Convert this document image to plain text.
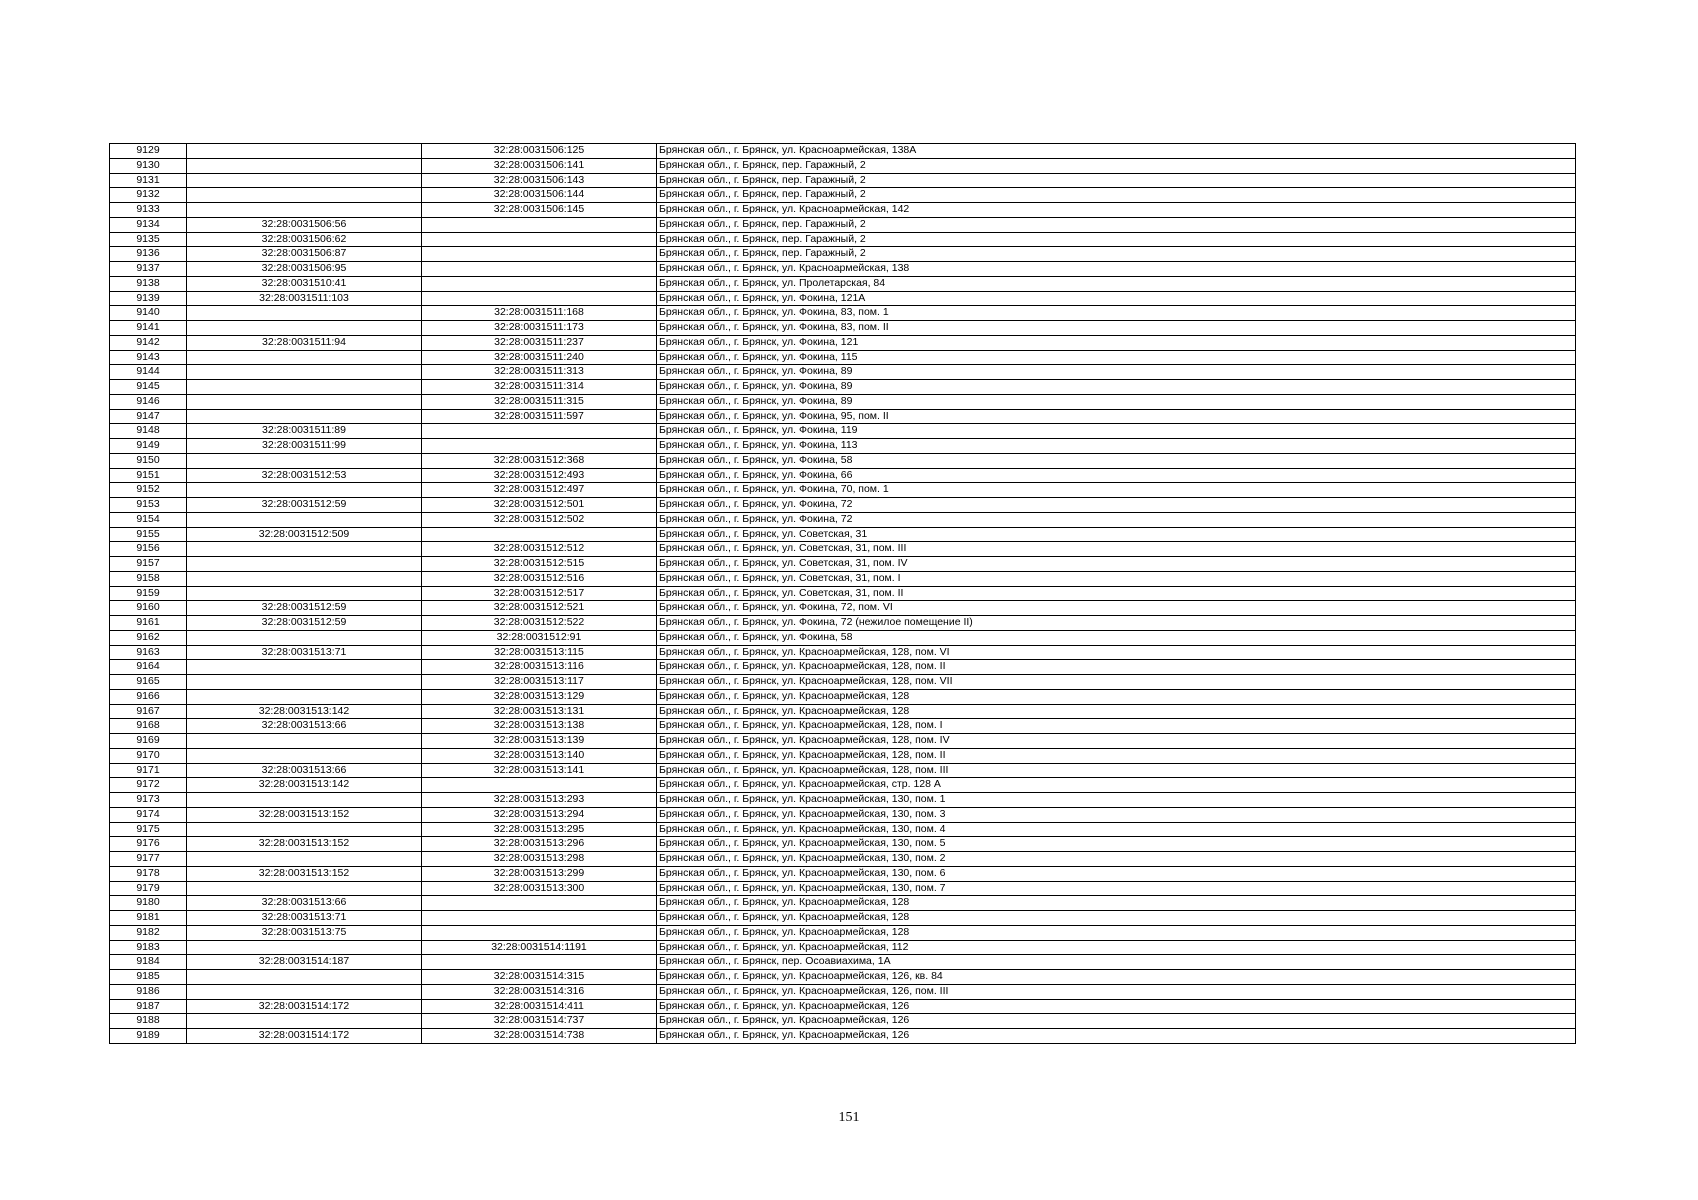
9129		32:28:0031506:125	Брянская обл., г. Брянск, ул. Красноармейская, 138А
9130		32:28:0031506:141	Брянская обл., г. Брянск, пер. Гаражный, 2
9131		32:28:0031506:143	Брянская обл., г. Брянск, пер. Гаражный, 2
9132		32:28:0031506:144	Брянская обл., г. Брянск, пер. Гаражный, 2
9133		32:28:0031506:145	Брянская обл., г. Брянск, ул. Красноармейская, 142
9134	32:28:0031506:56		Брянская обл., г. Брянск, пер. Гаражный, 2
9135	32:28:0031506:62		Брянская обл., г. Брянск, пер. Гаражный, 2
9136	32:28:0031506:87		Брянская обл., г. Брянск, пер. Гаражный, 2
9137	32:28:0031506:95		Брянская обл., г. Брянск, ул. Красноармейская, 138
9138	32:28:0031510:41		Брянская обл., г. Брянск, ул. Пролетарская, 84
9139	32:28:0031511:103		Брянская обл., г. Брянск, ул. Фокина, 121А
9140		32:28:0031511:168	Брянская обл., г. Брянск, ул. Фокина, 83, пом. 1
9141		32:28:0031511:173	Брянская обл., г. Брянск, ул. Фокина, 83, пом. II
9142	32:28:0031511:94	32:28:0031511:237	Брянская обл., г. Брянск, ул. Фокина, 121
9143		32:28:0031511:240	Брянская обл., г. Брянск, ул. Фокина, 115
9144		32:28:0031511:313	Брянская обл., г. Брянск, ул. Фокина, 89
9145		32:28:0031511:314	Брянская обл., г. Брянск, ул. Фокина, 89
9146		32:28:0031511:315	Брянская обл., г. Брянск, ул. Фокина, 89
9147		32:28:0031511:597	Брянская обл., г. Брянск, ул. Фокина, 95, пом. II
9148	32:28:0031511:89		Брянская обл., г. Брянск, ул. Фокина, 119
9149	32:28:0031511:99		Брянская обл., г. Брянск, ул. Фокина, 113
9150		32:28:0031512:368	Брянская обл., г. Брянск, ул. Фокина, 58
9151	32:28:0031512:53	32:28:0031512:493	Брянская обл., г. Брянск, ул. Фокина, 66
9152		32:28:0031512:497	Брянская обл., г. Брянск, ул. Фокина, 70, пом. 1
9153	32:28:0031512:59	32:28:0031512:501	Брянская обл., г. Брянск, ул. Фокина, 72
9154		32:28:0031512:502	Брянская обл., г. Брянск, ул. Фокина, 72
9155	32:28:0031512:509		Брянская обл., г. Брянск, ул. Советская, 31
9156		32:28:0031512:512	Брянская обл., г. Брянск, ул. Советская, 31, пом. III
9157		32:28:0031512:515	Брянская обл., г. Брянск, ул. Советская, 31, пом. IV
9158		32:28:0031512:516	Брянская обл., г. Брянск, ул. Советская, 31, пом. I
9159		32:28:0031512:517	Брянская обл., г. Брянск, ул. Советская, 31, пом. II
9160	32:28:0031512:59	32:28:0031512:521	Брянская обл., г. Брянск, ул. Фокина, 72, пом. VI
9161	32:28:0031512:59	32:28:0031512:522	Брянская обл., г. Брянск, ул. Фокина, 72 (нежилое помещение II)
9162		32:28:0031512:91	Брянская обл., г. Брянск, ул. Фокина, 58
9163	32:28:0031513:71	32:28:0031513:115	Брянская обл., г. Брянск, ул. Красноармейская, 128, пом. VI
9164		32:28:0031513:116	Брянская обл., г. Брянск, ул. Красноармейская, 128, пом. II
9165		32:28:0031513:117	Брянская обл., г. Брянск, ул. Красноармейская, 128, пом. VII
9166		32:28:0031513:129	Брянская обл., г. Брянск, ул. Красноармейская, 128
9167	32:28:0031513:142	32:28:0031513:131	Брянская обл., г. Брянск, ул. Красноармейская, 128
9168	32:28:0031513:66	32:28:0031513:138	Брянская обл., г. Брянск, ул. Красноармейская, 128, пом. I
9169		32:28:0031513:139	Брянская обл., г. Брянск, ул. Красноармейская, 128, пом. IV
9170		32:28:0031513:140	Брянская обл., г. Брянск, ул. Красноармейская, 128, пом. II
9171	32:28:0031513:66	32:28:0031513:141	Брянская обл., г. Брянск, ул. Красноармейская, 128, пом. III
9172	32:28:0031513:142		Брянская обл., г. Брянск, ул. Красноармейская, стр. 128 А
9173		32:28:0031513:293	Брянская обл., г. Брянск, ул. Красноармейская, 130, пом. 1
9174	32:28:0031513:152	32:28:0031513:294	Брянская обл., г. Брянск, ул. Красноармейская, 130, пом. 3
9175		32:28:0031513:295	Брянская обл., г. Брянск, ул. Красноармейская, 130, пом. 4
9176	32:28:0031513:152	32:28:0031513:296	Брянская обл., г. Брянск, ул. Красноармейская, 130, пом. 5
9177		32:28:0031513:298	Брянская обл., г. Брянск, ул. Красноармейская, 130, пом. 2
9178	32:28:0031513:152	32:28:0031513:299	Брянская обл., г. Брянск, ул. Красноармейская, 130, пом. 6
9179		32:28:0031513:300	Брянская обл., г. Брянск, ул. Красноармейская, 130, пом. 7
9180	32:28:0031513:66		Брянская обл., г. Брянск, ул. Красноармейская, 128
9181	32:28:0031513:71		Брянская обл., г. Брянск, ул. Красноармейская, 128
9182	32:28:0031513:75		Брянская обл., г. Брянск, ул. Красноармейская, 128
9183		32:28:0031514:1191	Брянская обл., г. Брянск, ул. Красноармейская, 112
9184	32:28:0031514:187		Брянская обл., г. Брянск, пер. Осоавиахима, 1А
9185		32:28:0031514:315	Брянская обл., г. Брянск, ул. Красноармейская, 126, кв. 84
9186		32:28:0031514:316	Брянская обл., г. Брянск, ул. Красноармейская, 126, пом. III
9187	32:28:0031514:172	32:28:0031514:411	Брянская обл., г. Брянск, ул. Красноармейская, 126
9188		32:28:0031514:737	Брянская обл., г. Брянск, ул. Красноармейская, 126
9189	32:28:0031514:172	32:28:0031514:738	Брянская обл., г. Брянск, ул. Красноармейская, 126
151
